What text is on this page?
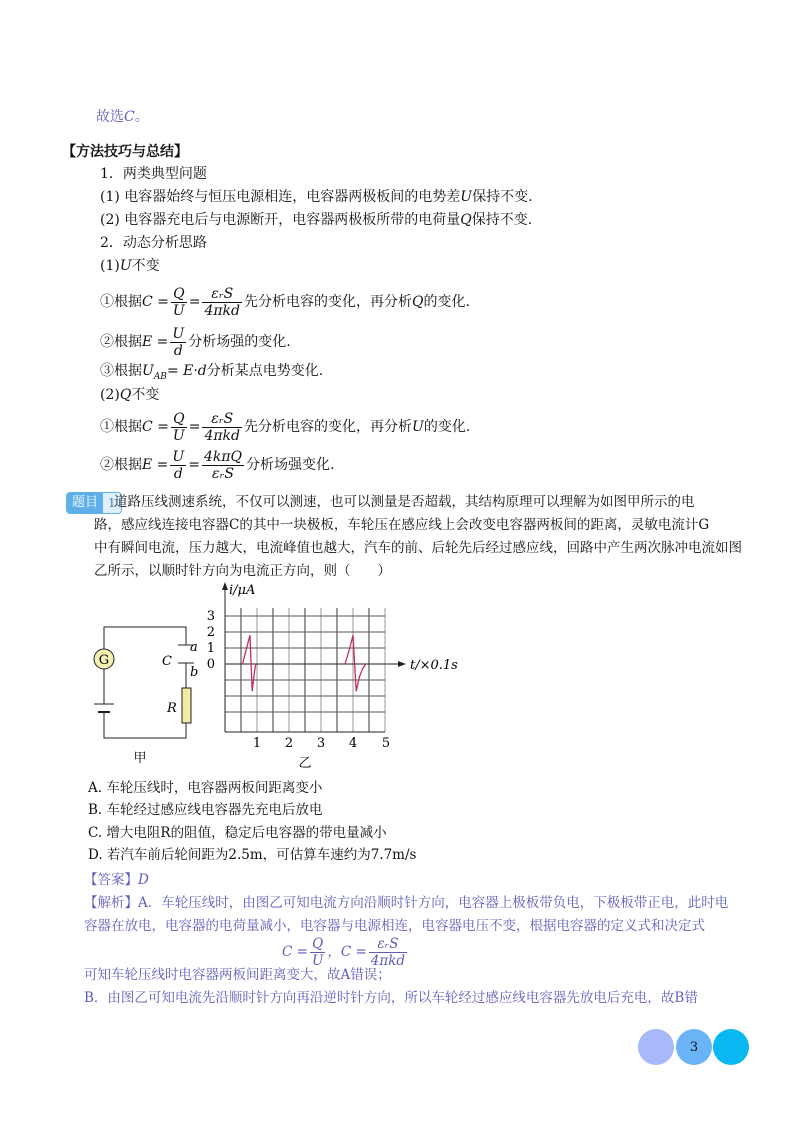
故选C。
【方法技巧与总结】
1．两类典型问题
(1) 电容器始终与恒压电源相连，电容器两极板间的电势差U保持不变.
(2) 电容器充电后与电源断开，电容器两极板所带的电荷量Q保持不变.
2．动态分析思路
(1)U不变
①根据$C = \frac{Q}{U}$ =
εᵣS
4πkd
先分析电容的变化，再分析Q的变化.
②根据$E = \frac{U}{d}$ 分析场强的变化.
③根据$U_{AB}= E\cdot d$分析某点电势变化.
(2)Q不变
①根据$C = \frac{Q}{U}$ =
εᵣS
4πkd
先分析电容的变化，再分析U的变化.
②根据$E = \frac{U}{d}$ =
4kπQ
εᵣS
分析场强变化.
题目 1
道路压线测速系统，不仅可以测速，也可以测量是否超载，其结构原理可以理解为如图甲所示的电
路，感应线连接电容器C的其中一块极板，车轮压在感应线上会改变电容器两板间的距离，灵敏电流计G
中有瞬间电流，压力越大，电流峰值也越大，汽车的前、后轮先后经过感应线，回路中产生两次脉冲电流如图
乙所示，以顺时针方向为电流正方向，则（　　）
G	C
a
b
R
甲
i/μA
t/×0.1s
3
2
1
0
1 2 3 4 5
乙
A. 车轮压线时，电容器两板间距离变小
B. 车轮经过感应线电容器先充电后放电
C. 增大电阻R的阻值，稳定后电容器的带电量减小
D. 若汽车前后轮间距为2.5m，可估算车速约为7.7m/s
【答案】D
【解析】A．车轮压线时，由图乙可知电流方向沿顺时针方向，电容器上极板带负电，下极板带正电，此时电
容器在放电，电容器的电荷量减小，电容器与电源相连，电容器电压不变，根据电容器的定义式和决定式
$C = \frac{Q}{U}$ ，C = εᵣS
4πkd
可知车轮压线时电容器两板间距离变大，故A错误；
B．由图乙可知电流先沿顺时针方向再沿逆时针方向，所以车轮经过感应线电容器先放电后充电，故B错
3
